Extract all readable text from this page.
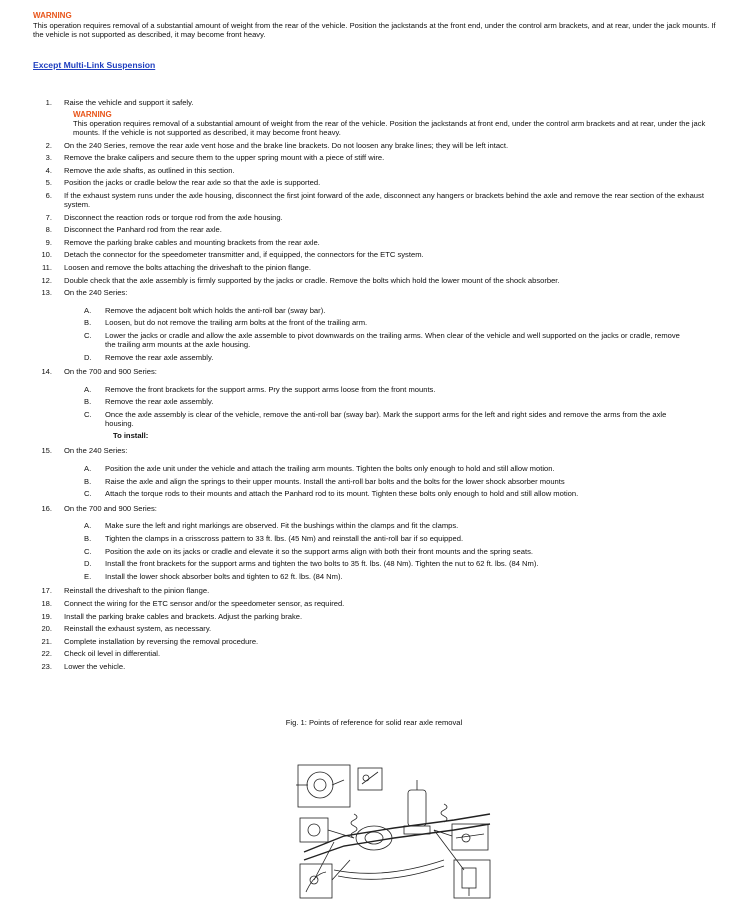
WARNING
This operation requires removal of a substantial amount of weight from the rear of the vehicle. Position the jackstands at the front end, under the control arm brackets, and at rear, under the jack mounts. If the vehicle is not supported as described, it may become front heavy.
Except Multi-Link Suspension
1. Raise the vehicle and support it safely.
WARNING
This operation requires removal of a substantial amount of weight from the rear of the vehicle. Position the jackstands at front end, under the control arm brackets and at rear, under the jack mounts. If the vehicle is not supported as described, it may become front heavy.
2. On the 240 Series, remove the rear axle vent hose and the brake line brackets. Do not loosen any brake lines; they will be left intact.
3. Remove the brake calipers and secure them to the upper spring mount with a piece of stiff wire.
4. Remove the axle shafts, as outlined in this section.
5. Position the jacks or cradle below the rear axle so that the axle is supported.
6. If the exhaust system runs under the axle housing, disconnect the first joint forward of the axle, disconnect any hangers or brackets behind the axle and remove the rear section of the exhaust system.
7. Disconnect the reaction rods or torque rod from the axle housing.
8. Disconnect the Panhard rod from the rear axle.
9. Remove the parking brake cables and mounting brackets from the rear axle.
10. Detach the connector for the speedometer transmitter and, if equipped, the connectors for the ETC system.
11. Loosen and remove the bolts attaching the driveshaft to the pinion flange.
12. Double check that the axle assembly is firmly supported by the jacks or cradle. Remove the bolts which hold the lower mount of the shock absorber.
13. On the 240 Series:
A.	Remove the adjacent bolt which holds the anti-roll bar (sway bar).
B.	Loosen, but do not remove the trailing arm bolts at the front of the trailing arm.
C.	Lower the jacks or cradle and allow the axle assemble to pivot downwards on the trailing arms. When clear of the vehicle and well supported on the jacks or cradle, remove the trailing arm mounts at the axle housing.
D.	Remove the rear axle assembly.
14. On the 700 and 900 Series:
A.	Remove the front brackets for the support arms. Pry the support arms loose from the front mounts.
B.	Remove the rear axle assembly.
C.	Once the axle assembly is clear of the vehicle, remove the anti-roll bar (sway bar). Mark the support arms for the left and right sides and remove the arms from the axle housing.
To install:
15. On the 240 Series:
A.	Position the axle unit under the vehicle and attach the trailing arm mounts. Tighten the bolts only enough to hold and still allow motion.
B.	Raise the axle and align the springs to their upper mounts. Install the anti-roll bar bolts and the bolts for the lower shock absorber mounts
C.	Attach the torque rods to their mounts and attach the Panhard rod to its mount. Tighten these bolts only enough to hold and still allow motion.
16. On the 700 and 900 Series:
A.	Make sure the left and right markings are observed. Fit the bushings within the clamps and fit the clamps.
B.	Tighten the clamps in a crisscross pattern to 33 ft. lbs. (45 Nm) and reinstall the anti-roll bar if so equipped.
C.	Position the axle on its jacks or cradle and elevate it so the support arms align with both their front mounts and the spring seats.
D.	Install the front brackets for the support arms and tighten the two bolts to 35 ft. lbs. (48 Nm). Tighten the nut to 62 ft. lbs. (84 Nm).
E.	Install the lower shock absorber bolts and tighten to 62 ft. lbs. (84 Nm).
17. Reinstall the driveshaft to the pinion flange.
18. Connect the wiring for the ETC sensor and/or the speedometer sensor, as required.
19. Install the parking brake cables and brackets. Adjust the parking brake.
20. Reinstall the exhaust system, as necessary.
21. Complete installation by reversing the removal procedure.
22. Check oil level in differential.
23. Lower the vehicle.
Fig. 1: Points of reference for solid rear axle removal
